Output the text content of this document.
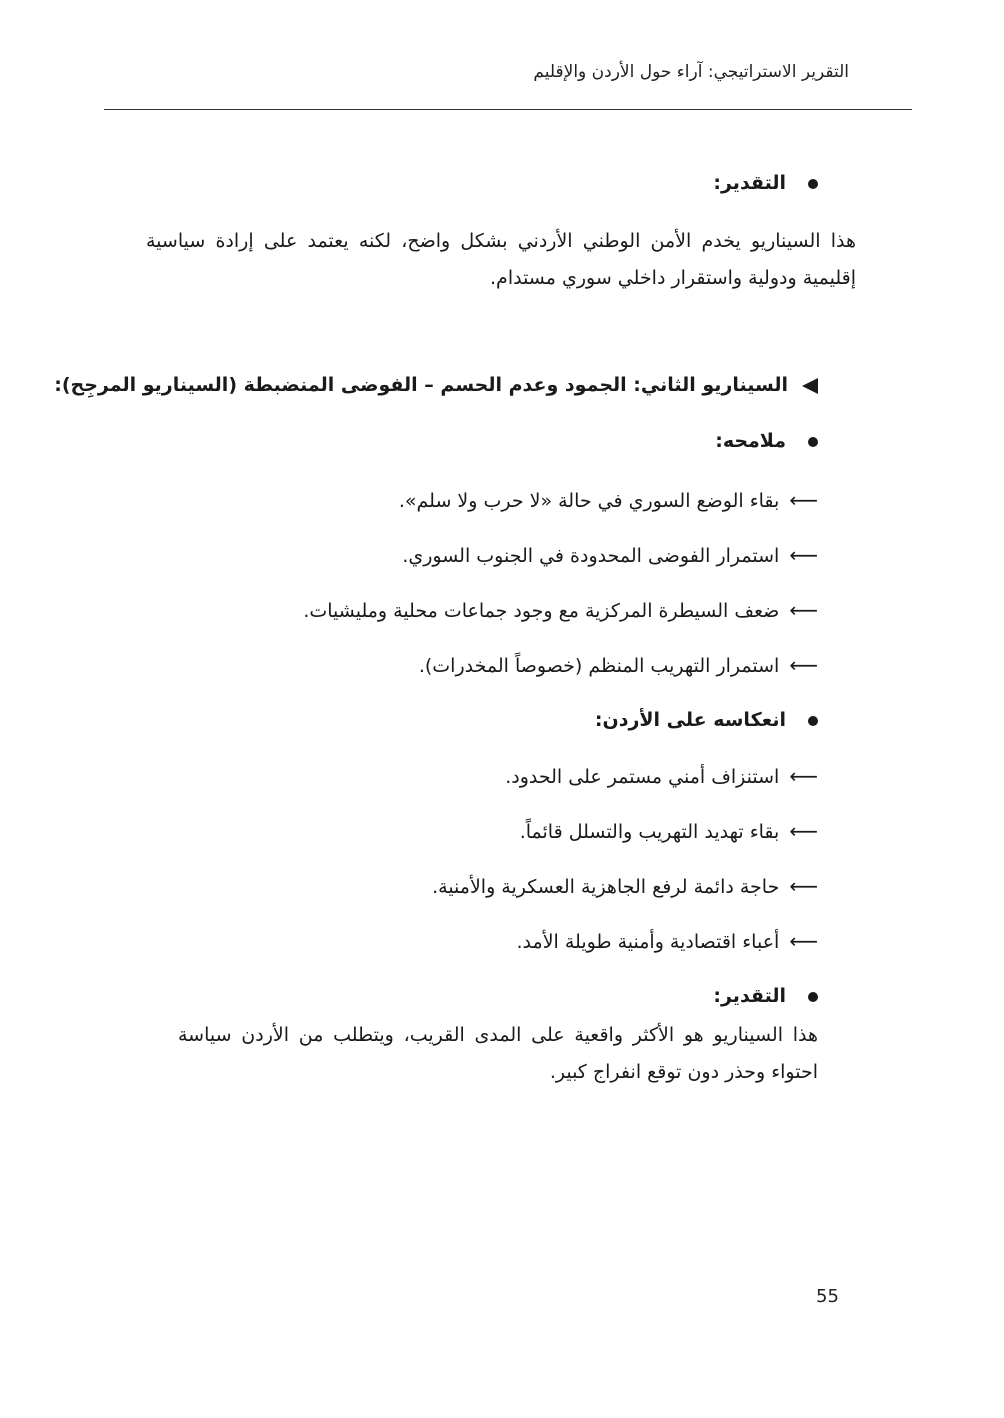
التقرير الاستراتيجي: آراء حول الأردن والإقليم
التقدير:
هذا السيناريو يخدم الأمن الوطني الأردني بشكل واضح، لكنه يعتمد على إرادة سياسية إقليمية ودولية واستقرار داخلي سوري مستدام.
السيناريو الثاني: الجمود وعدم الحسم – الفوضى المنضبطة (السيناريو المرجِح):
ملامحه:
⟵بقاء الوضع السوري في حالة «لا حرب ولا سلم».
⟵استمرار الفوضى المحدودة في الجنوب السوري.
⟵ضعف السيطرة المركزية مع وجود جماعات محلية ومليشيات.
⟵استمرار التهريب المنظم (خصوصاً المخدرات).
انعكاسه على الأردن:
⟵استنزاف أمني مستمر على الحدود.
⟵بقاء تهديد التهريب والتسلل قائماً.
⟵حاجة دائمة لرفع الجاهزية العسكرية والأمنية.
⟵أعباء اقتصادية وأمنية طويلة الأمد.
التقدير:
هذا السيناريو هو الأكثر واقعية على المدى القريب، ويتطلب من الأردن سياسة احتواء وحذر دون توقع انفراج كبير.
55
